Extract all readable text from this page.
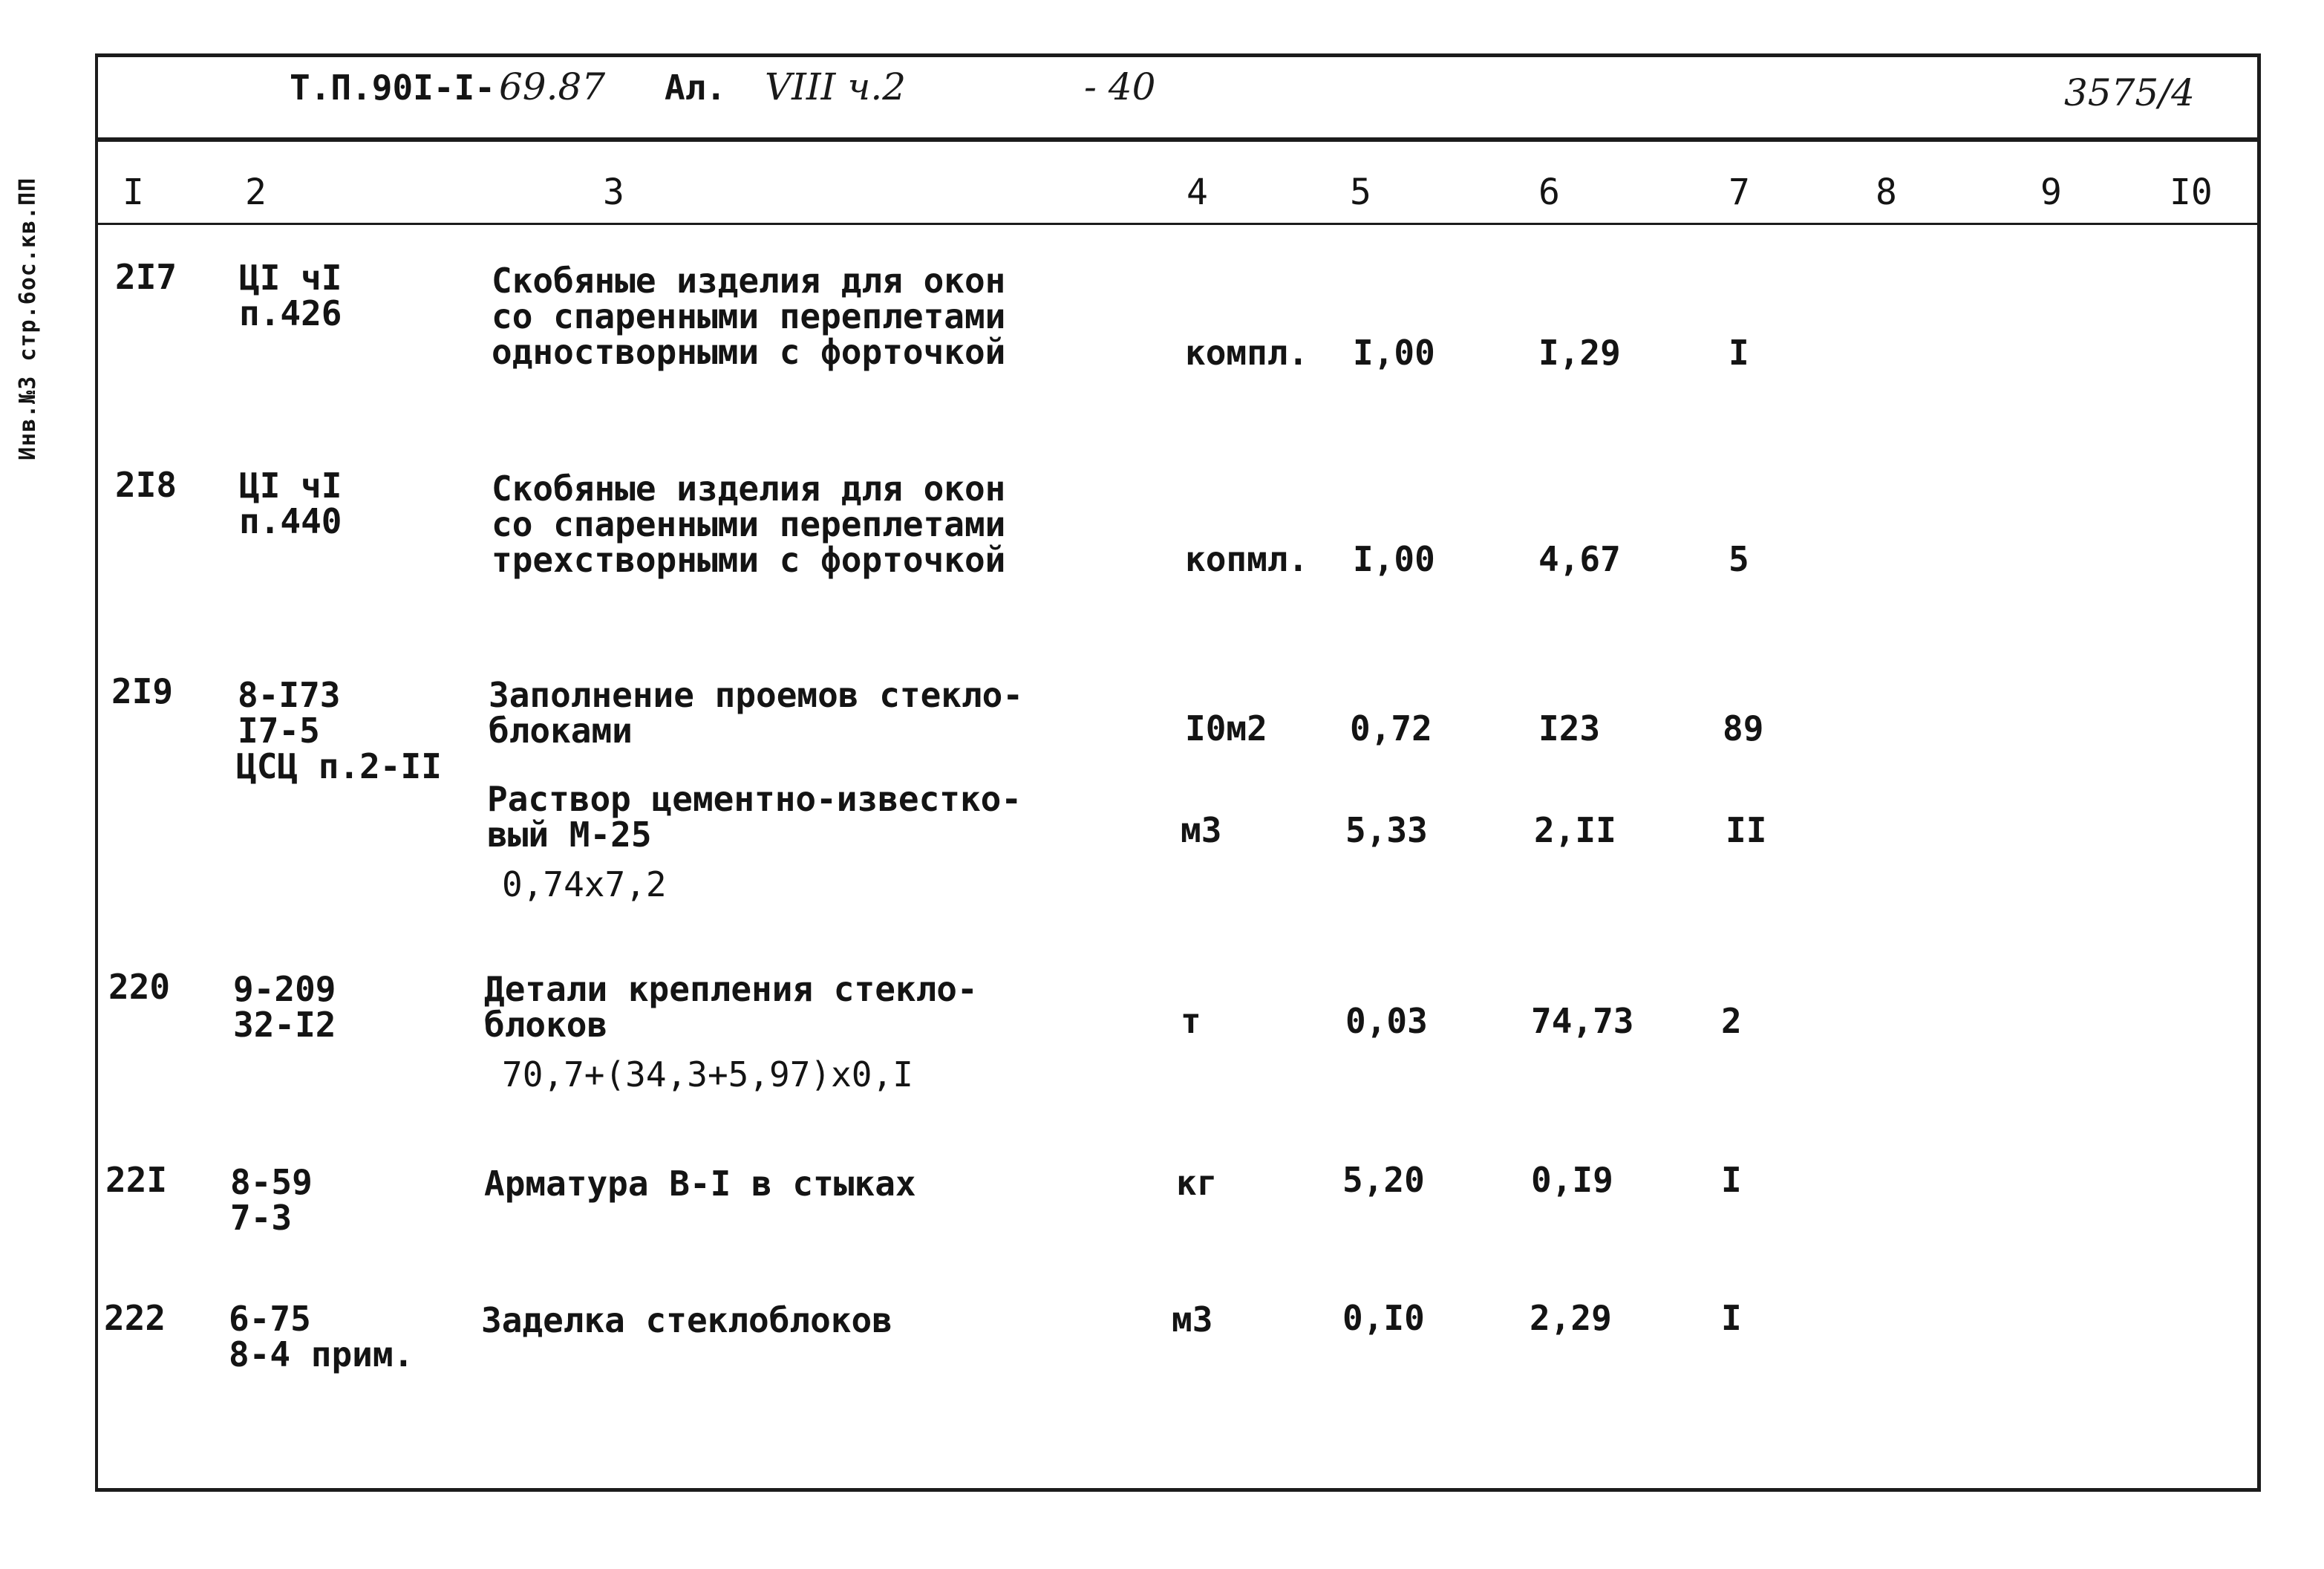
Инв.№3 стр.6ос.кв.ПП
Т.П.90I-I- 69.87 Ал. VIII ч.2	- 40	3575/4
I	2	3	4	5	6	7	8	9	I0
2I7 ЦI чI
п.426
Скобяные изделия для окон
со спаренными переплетами
одностворными с форточкой	компл. I,00	I,29	I
2I8 ЦI чI
п.440
Скобяные изделия для окон
со спаренными переплетами
трехстворными с форточкой	копмл. I,00	4,67	5
2I9 8-I73
I7-5
ЦСЦ п.2-II
Заполнение проемов стекло-
блоками	I0м2 0,72	I23	89
Раствор цементно-известко-
вый М-25
0,74х7,2
м3	5,33	2,II	II
220 9-209
32-I2
Детали крепления стекло-
блоков
70,7+(34,3+5,97)х0,I
т	0,03	74,73	2
22I 8-59
7-3
Арматура В-I в стыках	кг	5,20	0,I9	I
222 6-75
8-4 прим.
Заделка стеклоблоков	м3	0,I0	2,29	I
